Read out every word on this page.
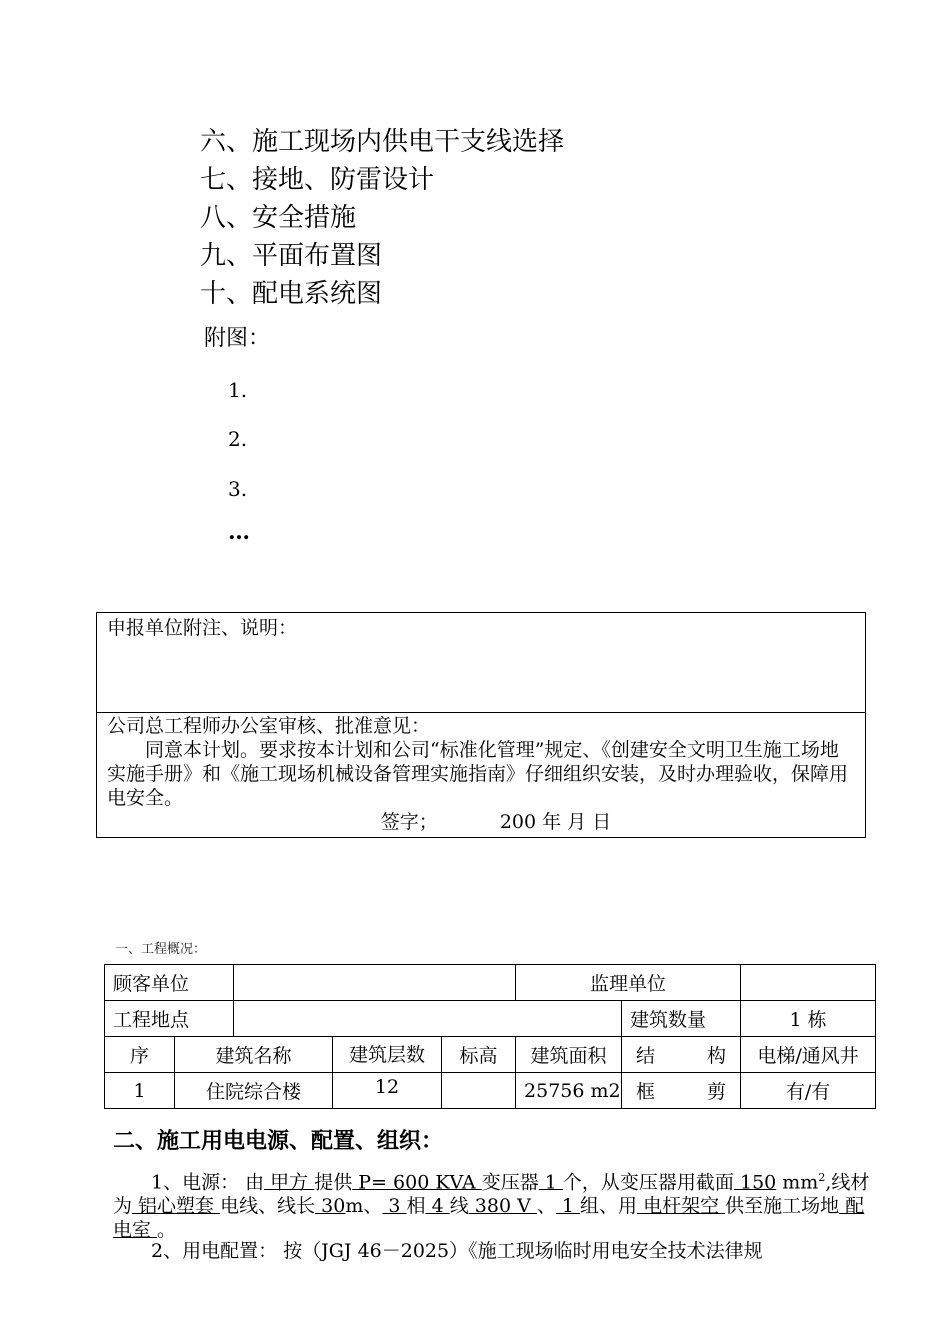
六、施工现场内供电干支线选择
七、接地、防雷设计
八、安全措施
九、平面布置图
十、配电系统图
附图：
1.
2.
3.
…
申报单位附注、说明：
公司总工程师办公室审核、批准意见：
同意本计划。要求按本计划和公司“标准化管理”规定、《创建安全文明卫生施工场地实施手册》和《施工现场机械设备管理实施指南》仔细组织安装，及时办理验收，保障用电安全。
签字；	200 年 月 日
一、工程概况：
顾客单位					监理单位		
工程地点						建筑数量	1 栋
序	建筑名称		建筑层数	标高	建筑面积	结 构	电梯/通风井
1	住院综合楼		12		25756 m2	框 剪	有/有
二、施工用电电源、配置、组织：
1、电源： 由 甲方 提供 P= 600 KVA 变压器 1 个，从变压器用截面 150 $mm^2$,线材为 铝心塑套 电线、线长 30m、 3 相 4 线 380 V 、 1 组、用 电杆架空 供至施工场地 配电室 。
2、用电配置： 按（JGJ 46－2025）《施工现场临时用电安全技术法律规
